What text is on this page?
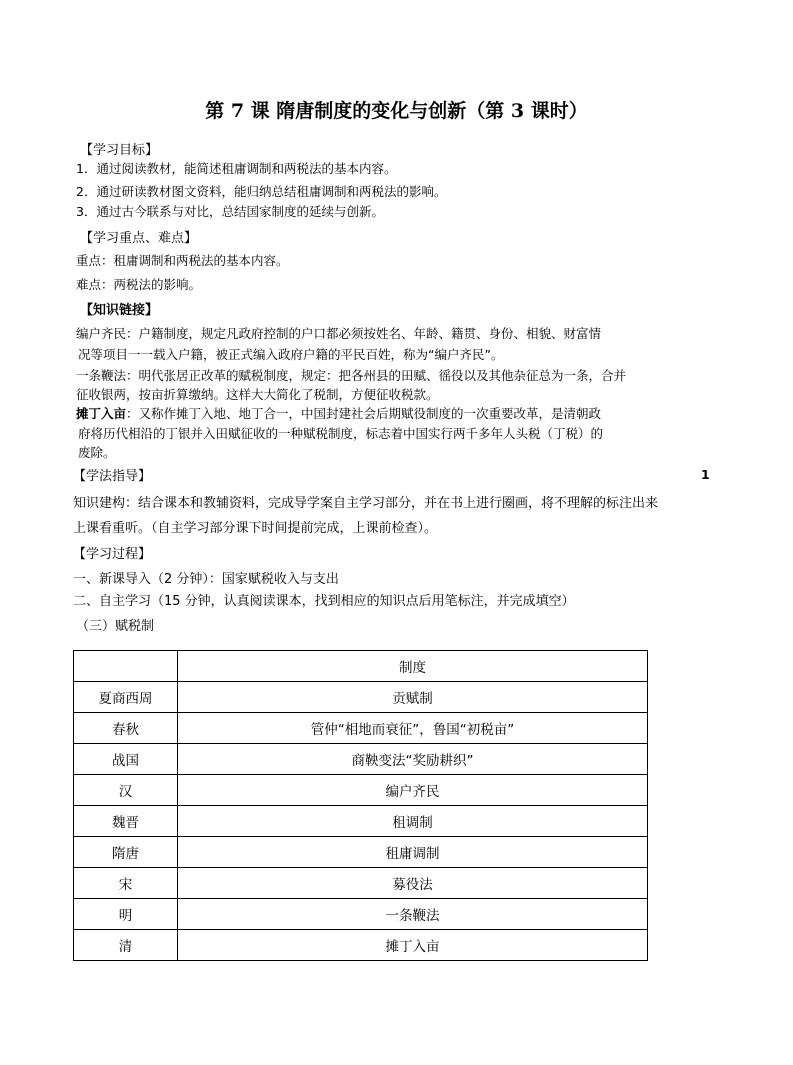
第 7 课 隋唐制度的变化与创新（第 3 课时）
【学习目标】
1．通过阅读教材，能简述租庸调制和两税法的基本内容。
2．通过研读教材图文资料，能归纳总结租庸调制和两税法的影响。
3．通过古今联系与对比，总结国家制度的延续与创新。
【学习重点、难点】
重点：租庸调制和两税法的基本内容。
难点：两税法的影响。
【知识链接】
编户齐民：户籍制度，规定凡政府控制的户口都必须按姓名、年龄、籍贯、身份、相貌、财富情
况等项目一一载入户籍，被正式编入政府户籍的平民百姓，称为“编户齐民”。
一条鞭法：明代张居正改革的赋税制度，规定：把各州县的田赋、徭役以及其他杂征总为一条，合并
征收银两，按亩折算缴纳。这样大大简化了税制，方便征收税款。
摊丁入亩：又称作摊丁入地、地丁合一，中国封建社会后期赋役制度的一次重要改革，是清朝政
府将历代相沿的丁银并入田赋征收的一种赋税制度，标志着中国实行两千多年人头税（丁税）的
废除。
【学法指导】	1
知识建构：结合课本和教辅资料，完成导学案自主学习部分，并在书上进行圈画，将不理解的标注出来
上课看重听。（自主学习部分课下时间提前完成，上课前检查）。
【学习过程】
一、新课导入（2 分钟）：国家赋税收入与支出
二、自主学习（15 分钟，认真阅读课本，找到相应的知识点后用笔标注，并完成填空）
（三）赋税制
	制度
夏商西周	贡赋制
春秋	管仲“相地而衰征”，鲁国“初税亩”
战国	商鞅变法“奖励耕织”
汉	编户齐民
魏晋	租调制
隋唐	租庸调制
宋	募役法
明	一条鞭法
清	摊丁入亩
